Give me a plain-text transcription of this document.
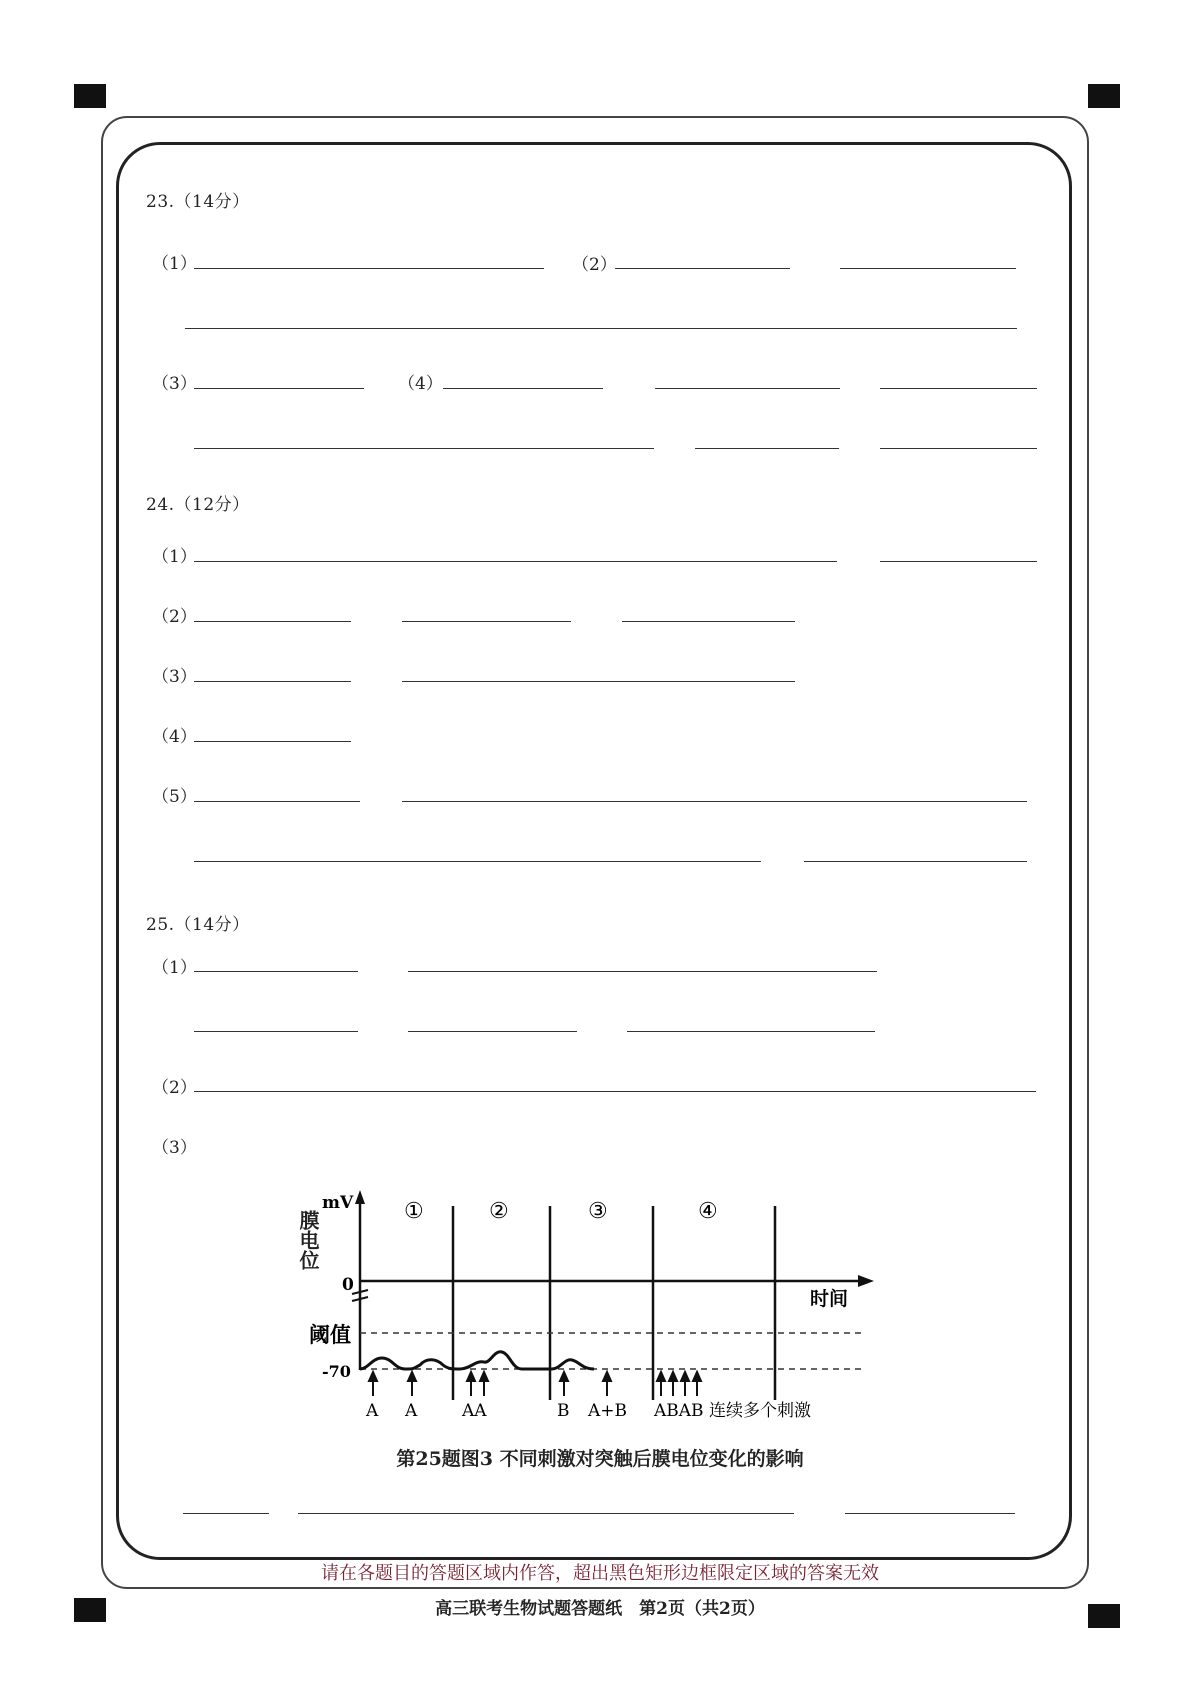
23.（14分）
（1）	（2）
（3）	（4）
24.（12分）
（1）
（2）
（3）
（4）
（5）
25.（14分）
（1）
（2）
（3）
mV
0
阈值
-70
时间
①	②	③	④
A A	AA	B A+B ABAB 连续多个刺激
膜电位
第25题图3 不同刺激对突触后膜电位变化的影响
请在各题目的答题区域内作答，超出黑色矩形边框限定区域的答案无效
高三联考生物试题答题纸　第2页（共2页）
